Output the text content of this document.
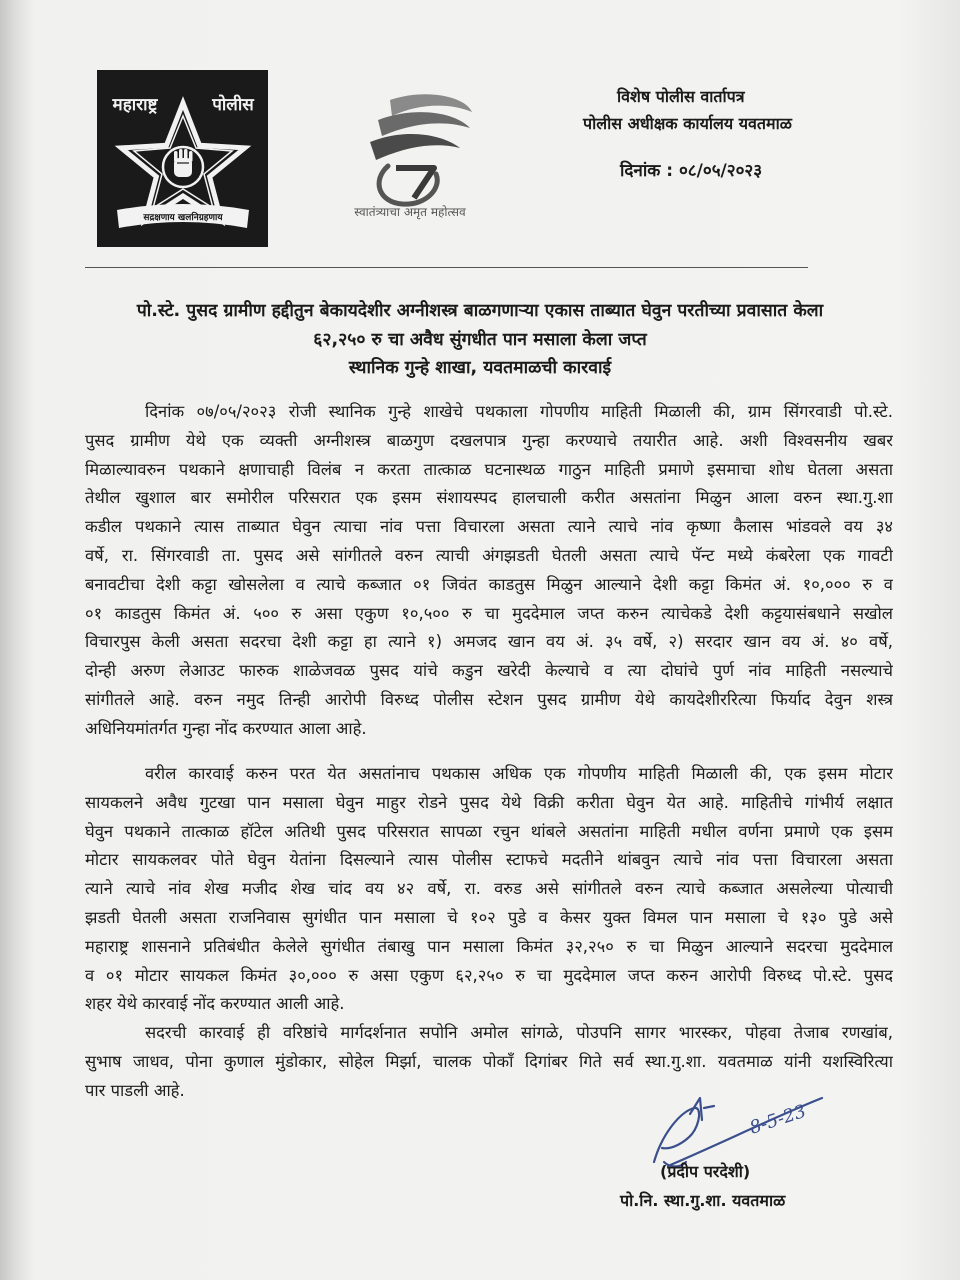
महाराष्ट्र	पोलीस
सद्रक्षणाय खलनिग्रहणाय	स्वातंत्र्याचा अमृत महोत्सव
विशेष पोलीस वार्तापत्र
पोलीस अधीक्षक कार्यालय यवतमाळ
दिनांक : ०८/०५/२०२३
पो.स्टे. पुसद ग्रामीण हद्दीतुन बेकायदेशीर अग्नीशस्त्र बाळगणाऱ्या एकास ताब्यात घेवुन परतीच्या प्रवासात केला
६२,२५० रु चा अवैध सुंगधीत पान मसाला केला जप्त
स्थानिक गुन्हे शाखा, यवतमाळची कारवाई
दिनांक ०७/०५/२०२३ रोजी स्थानिक गुन्हे शाखेचे पथकाला गोपणीय माहिती मिळाली की, ग्राम सिंगरवाडी पो.स्टे.
पुसद ग्रामीण येथे एक व्यक्ती अग्नीशस्त्र बाळगुण दखलपात्र गुन्हा करण्याचे तयारीत आहे. अशी विश्वसनीय खबर
मिळाल्यावरुन पथकाने क्षणाचाही विलंब न करता तात्काळ घटनास्थळ गाठुन माहिती प्रमाणे इसमाचा शोध घेतला असता
तेथील खुशाल बार समोरील परिसरात एक इसम संशायस्पद हालचाली करीत असतांना मिळुन आला वरुन स्था.गु.शा
कडील पथकाने त्यास ताब्यात घेवुन त्याचा नांव पत्ता विचारला असता त्याने त्याचे नांव कृष्णा कैलास भांडवले वय ३४
वर्षे, रा. सिंगरवाडी ता. पुसद असे सांगीतले वरुन त्याची अंगझडती घेतली असता त्याचे पॅन्ट मध्ये कंबरेला एक गावटी
बनावटीचा देशी कट्टा खोसलेला व त्याचे कब्जात ०१ जिवंत काडतुस मिळुन आल्याने देशी कट्टा किमंत अं. १०,००० रु व
०१ काडतुस किमंत अं. ५०० रु असा एकुण १०,५०० रु चा मुददेमाल जप्त करुन त्याचेकडे देशी कट्टयासंबधाने सखोल
विचारपुस केली असता सदरचा देशी कट्टा हा त्याने १) अमजद खान वय अं. ३५ वर्षे, २) सरदार खान वय अं. ४० वर्षे,
दोन्ही अरुण लेआउट फारुक शाळेजवळ पुसद यांचे कडुन खरेदी केल्याचे व त्या दोघांचे पुर्ण नांव माहिती नसल्याचे
सांगीतले आहे. वरुन नमुद तिन्ही आरोपी विरुध्द पोलीस स्टेशन पुसद ग्रामीण येथे कायदेशीररित्या फिर्याद देवुन शस्त्र
अधिनियमांतर्गत गुन्हा नोंद करण्यात आला आहे.
वरील कारवाई करुन परत येत असतांनाच पथकास अधिक एक गोपणीय माहिती मिळाली की, एक इसम मोटार
सायकलने अवैध गुटखा पान मसाला घेवुन माहुर रोडने पुसद येथे विक्री करीता घेवुन येत आहे. माहितीचे गांभीर्य लक्षात
घेवुन पथकाने तात्काळ हॉटेल अतिथी पुसद परिसरात सापळा रचुन थांबले असतांना माहिती मधील वर्णना प्रमाणे एक इसम
मोटार सायकलवर पोते घेवुन येतांना दिसल्याने त्यास पोलीस स्टाफचे मदतीने थांबवुन त्याचे नांव पत्ता विचारला असता
त्याने त्याचे नांव शेख मजीद शेख चांद वय ४२ वर्षे, रा. वरुड असे सांगीतले वरुन त्याचे कब्जात असलेल्या पोत्याची
झडती घेतली असता राजनिवास सुगंधीत पान मसाला चे १०२ पुडे व केसर युक्त विमल पान मसाला चे १३० पुडे असे
महाराष्ट्र शासनाने प्रतिबंधीत केलेले सुगंधीत तंबाखु पान मसाला किमंत ३२,२५० रु चा मिळुन आल्याने सदरचा मुददेमाल
व ०१ मोटार सायकल किमंत ३०,००० रु असा एकुण ६२,२५० रु चा मुददेमाल जप्त करुन आरोपी विरुध्द पो.स्टे. पुसद
शहर येथे कारवाई नोंद करण्यात आली आहे.
सदरची कारवाई ही वरिष्ठांचे मार्गदर्शनात सपोनि अमोल सांगळे, पोउपनि सागर भारस्कर, पोहवा तेजाब रणखांब,
सुभाष जाधव, पोना कुणाल मुंडोकार, सोहेल मिर्झा, चालक पोकाँ दिगांबर गिते सर्व स्था.गु.शा. यवतमाळ यांनी यशस्विरित्या
पार पाडली आहे.
8-5-23
(प्रदीप परदेशी)
पो.नि. स्था.गु.शा. यवतमाळ
